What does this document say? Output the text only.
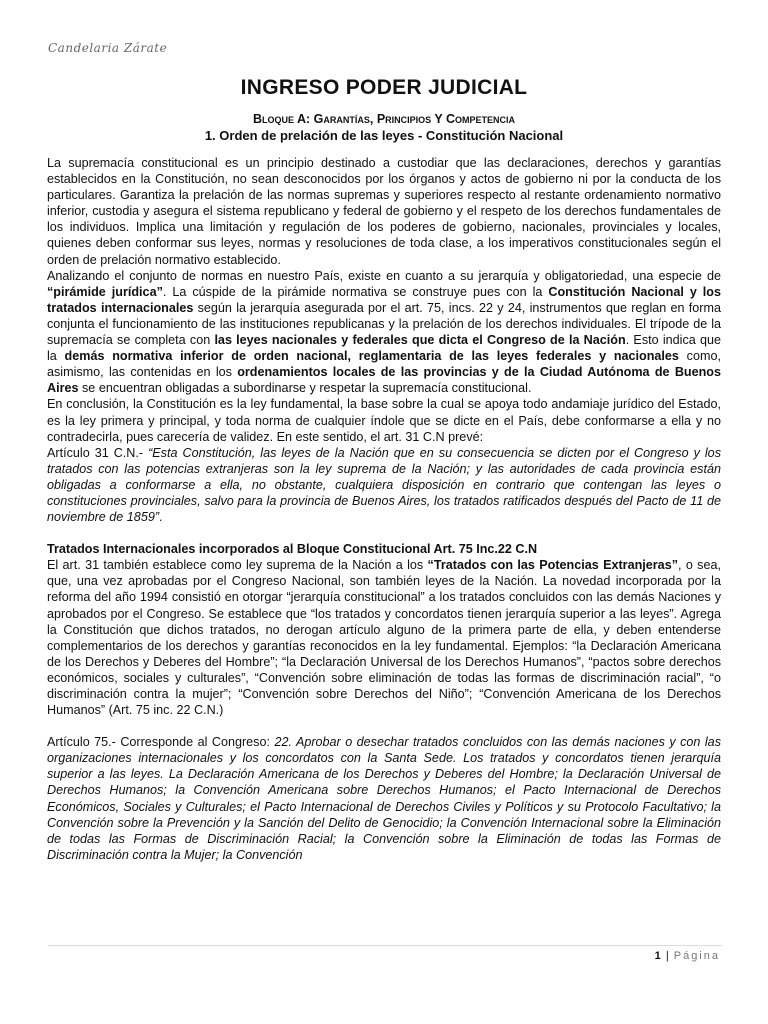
Candelaria Zárate
INGRESO PODER JUDICIAL
Bloque A: Garantías, Principios Y Competencia
1. Orden de prelación de las leyes - Constitución Nacional

La supremacía constitucional es un principio destinado a custodiar que las declaraciones, derechos y garantías establecidos en la Constitución, no sean desconocidos por los órganos y actos de gobierno ni por la conducta de los particulares. Garantiza la prelación de las normas supremas y superiores respecto al restante ordenamiento normativo inferior, custodia y asegura el sistema republicano y federal de gobierno y el respeto de los derechos fundamentales de los individuos. Implica una limitación y regulación de los poderes de gobierno, nacionales, provinciales y locales, quienes deben conformar sus leyes, normas y resoluciones de toda clase, a los imperativos constitucionales según el orden de prelación normativo establecido.

Analizando el conjunto de normas en nuestro País, existe en cuanto a su jerarquía y obligatoriedad, una especie de “pirámide jurídica”. La cúspide de la pirámide normativa se construye pues con la Constitución Nacional y los tratados internacionales según la jerarquía asegurada por el art. 75, incs. 22 y 24, instrumentos que reglan en forma conjunta el funcionamiento de las instituciones republicanas y la prelación de los derechos individuales. El trípode de la supremacía se completa con las leyes nacionales y federales que dicta el Congreso de la Nación. Esto indica que la demás normativa inferior de orden nacional, reglamentaria de las leyes federales y nacionales como, asimismo, las contenidas en los ordenamientos locales de las provincias y de la Ciudad Autónoma de Buenos Aires se encuentran obligadas a subordinarse y respetar la supremacía constitucional.

En conclusión, la Constitución es la ley fundamental, la base sobre la cual se apoya todo andamiaje jurídico del Estado, es la ley primera y principal, y toda norma de cualquier índole que se dicte en el País, debe conformarse a ella y no contradecirla, pues carecería de validez. En este sentido, el art. 31 C.N prevé:

Artículo 31 C.N.- “Esta Constitución, las leyes de la Nación que en su consecuencia se dicten por el Congreso y los tratados con las potencias extranjeras son la ley suprema de la Nación; y las autoridades de cada provincia están obligadas a conformarse a ella, no obstante, cualquiera disposición en contrario que contengan las leyes o constituciones provinciales, salvo para la provincia de Buenos Aires, los tratados ratificados después del Pacto de 11 de noviembre de 1859”.

Tratados Internacionales incorporados al Bloque Constitucional Art. 75 Inc.22 C.N

El art. 31 también establece como ley suprema de la Nación a los “Tratados con las Potencias Extranjeras”, o sea, que, una vez aprobadas por el Congreso Nacional, son también leyes de la Nación. La novedad incorporada por la reforma del año 1994 consistió en otorgar “jerarquía constitucional” a los tratados concluidos con las demás Naciones y aprobados por el Congreso. Se establece que “los tratados y concordatos tienen jerarquía superior a las leyes”. Agrega la Constitución que dichos tratados, no derogan artículo alguno de la primera parte de ella, y deben entenderse complementarios de los derechos y garantías reconocidos en la ley fundamental. Ejemplos: “la Declaración Americana de los Derechos y Deberes del Hombre”; “la Declaración Universal de los Derechos Humanos”, “pactos sobre derechos económicos, sociales y culturales”, “Convención sobre eliminación de todas las formas de discriminación racial”, “o discriminación contra la mujer”; “Convención sobre Derechos del Niño”; “Convención Americana de los Derechos Humanos” (Art. 75 inc. 22 C.N.)

Artículo 75.- Corresponde al Congreso: 22. Aprobar o desechar tratados concluidos con las demás naciones y con las organizaciones internacionales y los concordatos con la Santa Sede. Los tratados y concordatos tienen jerarquía superior a las leyes. La Declaración Americana de los Derechos y Deberes del Hombre; la Declaración Universal de Derechos Humanos; la Convención Americana sobre Derechos Humanos; el Pacto Internacional de Derechos Económicos, Sociales y Culturales; el Pacto Internacional de Derechos Civiles y Políticos y su Protocolo Facultativo; la Convención sobre la Prevención y la Sanción del Delito de Genocidio; la Convención Internacional sobre la Eliminación de todas las Formas de Discriminación Racial; la Convención sobre la Eliminación de todas las Formas de Discriminación contra la Mujer; la Convención

1 | Página
